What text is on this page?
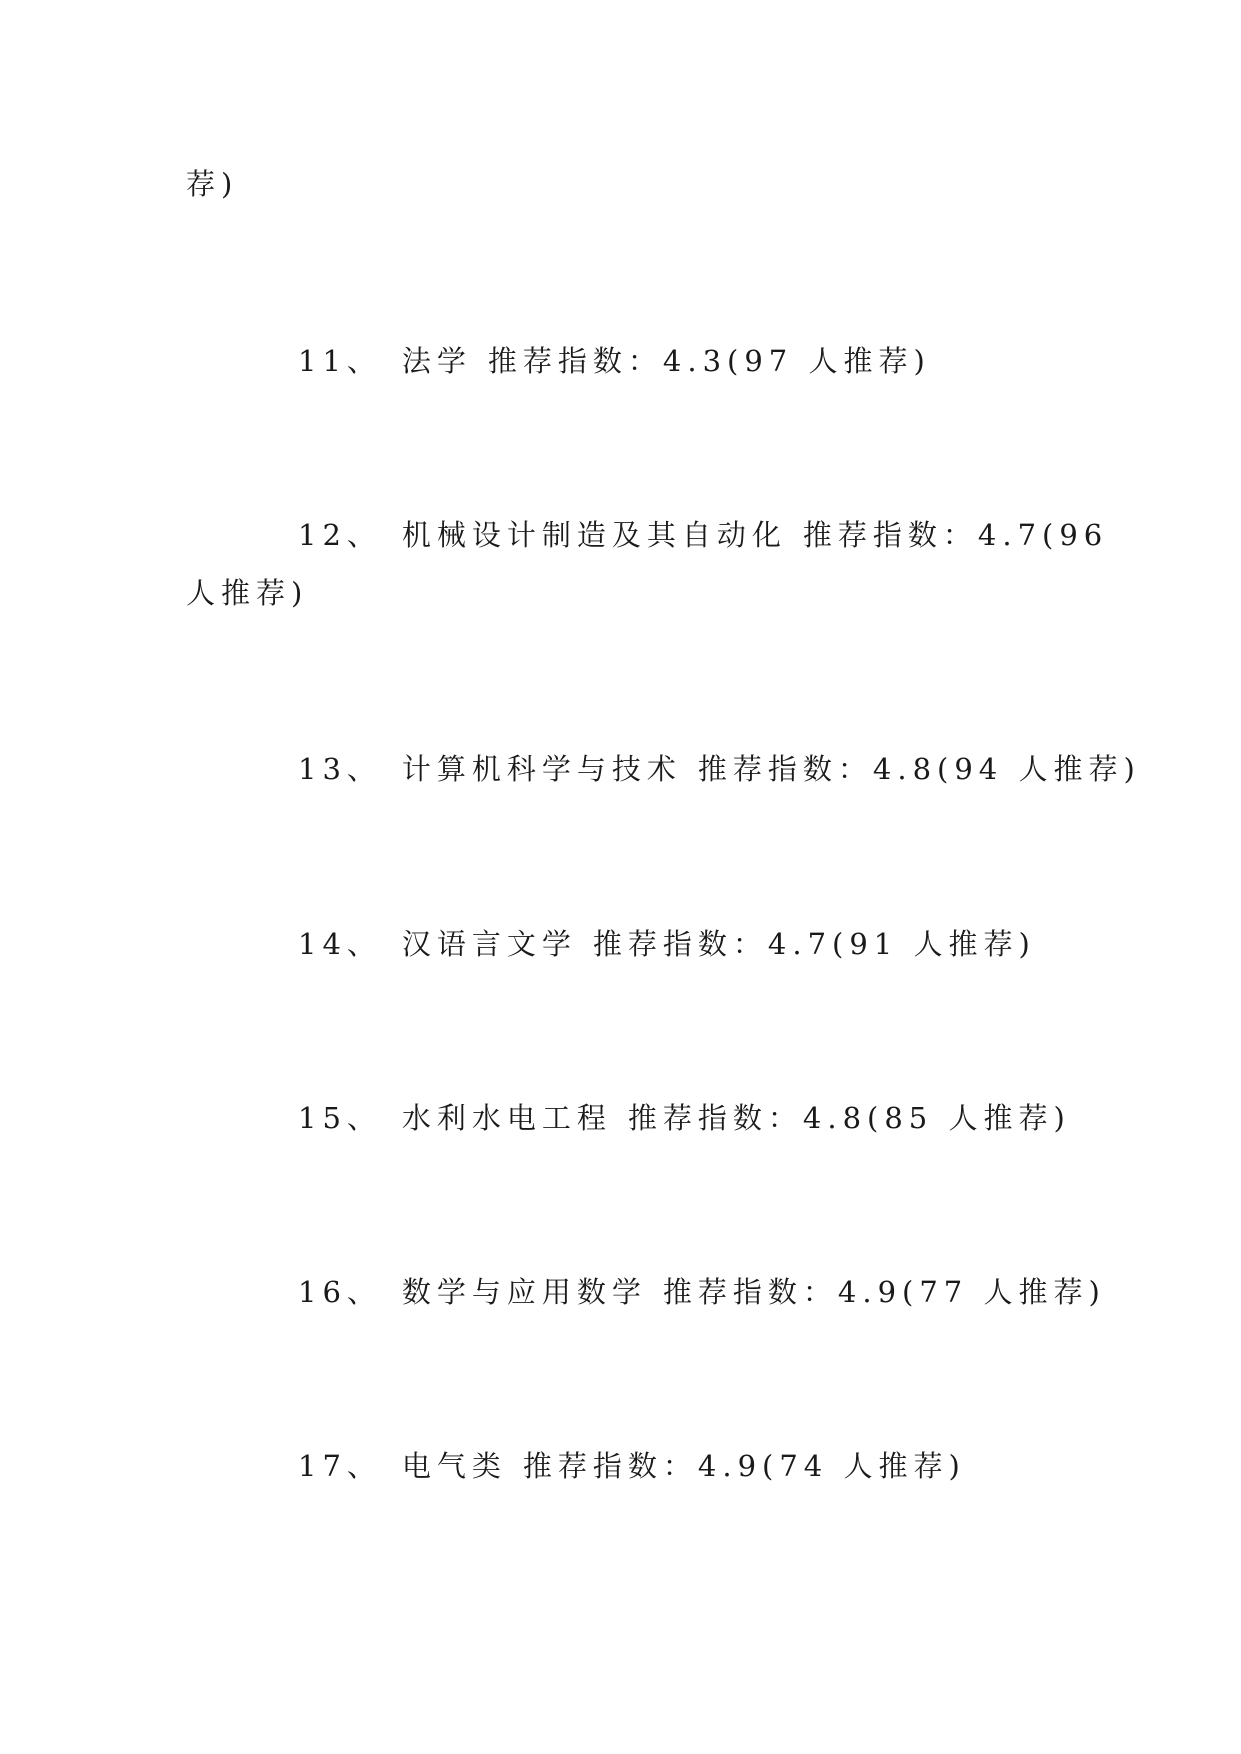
荐)
11、 法学 推荐指数：4.3(97 人推荐)
12、 机械设计制造及其自动化 推荐指数：4.7(96
人推荐)
13、 计算机科学与技术 推荐指数：4.8(94 人推荐)
14、 汉语言文学 推荐指数：4.7(91 人推荐)
15、 水利水电工程 推荐指数：4.8(85 人推荐)
16、 数学与应用数学 推荐指数：4.9(77 人推荐)
17、 电气类 推荐指数：4.9(74 人推荐)
